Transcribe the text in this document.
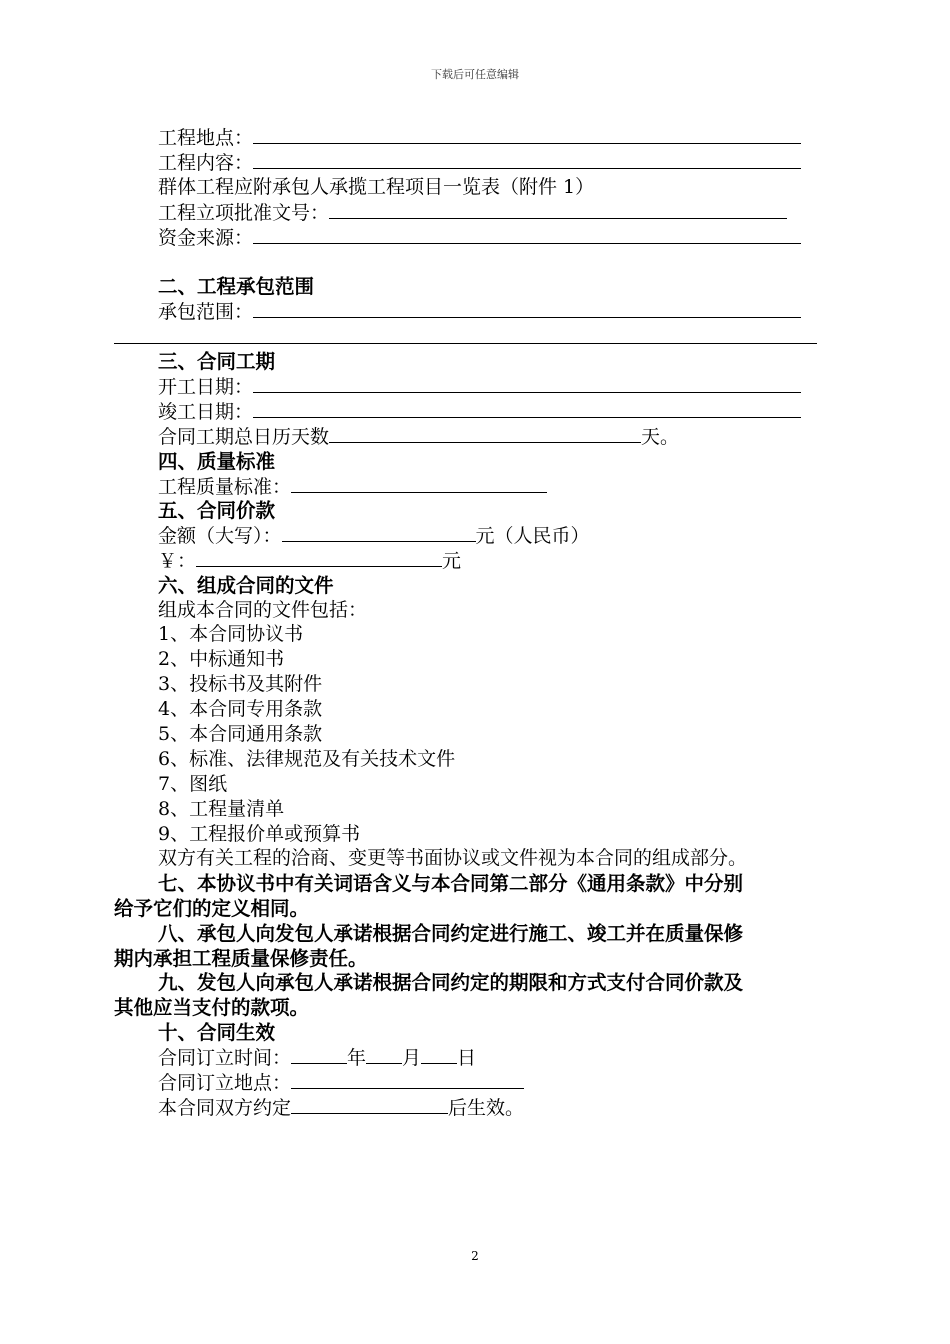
下载后可任意编辑
工程地点：
工程内容：
群体工程应附承包人承揽工程项目一览表（附件 1）
工程立项批准文号：
资金来源：
二、工程承包范围
承包范围：
三、合同工期
开工日期：
竣工日期：
合同工期总日历天数	天。
四、质量标准
工程质量标准：
五、合同价款
金额（大写）：	元（人民币）
￥：	元
六、组成合同的文件
组成本合同的文件包括：
1、本合同协议书
2、中标通知书
3、投标书及其附件
4、本合同专用条款
5、本合同通用条款
6、标准、法律规范及有关技术文件
7、图纸
8、工程量清单
9、工程报价单或预算书
双方有关工程的洽商、变更等书面协议或文件视为本合同的组成部分。
七、本协议书中有关词语含义与本合同第二部分《通用条款》中分别
给予它们的定义相同。
八、承包人向发包人承诺根据合同约定进行施工、竣工并在质量保修
期内承担工程质量保修责任。
九、发包人向承包人承诺根据合同约定的期限和方式支付合同价款及
其他应当支付的款项。
十、合同生效
合同订立时间：	年 月 日
合同订立地点：
本合同双方约定	后生效。
2
